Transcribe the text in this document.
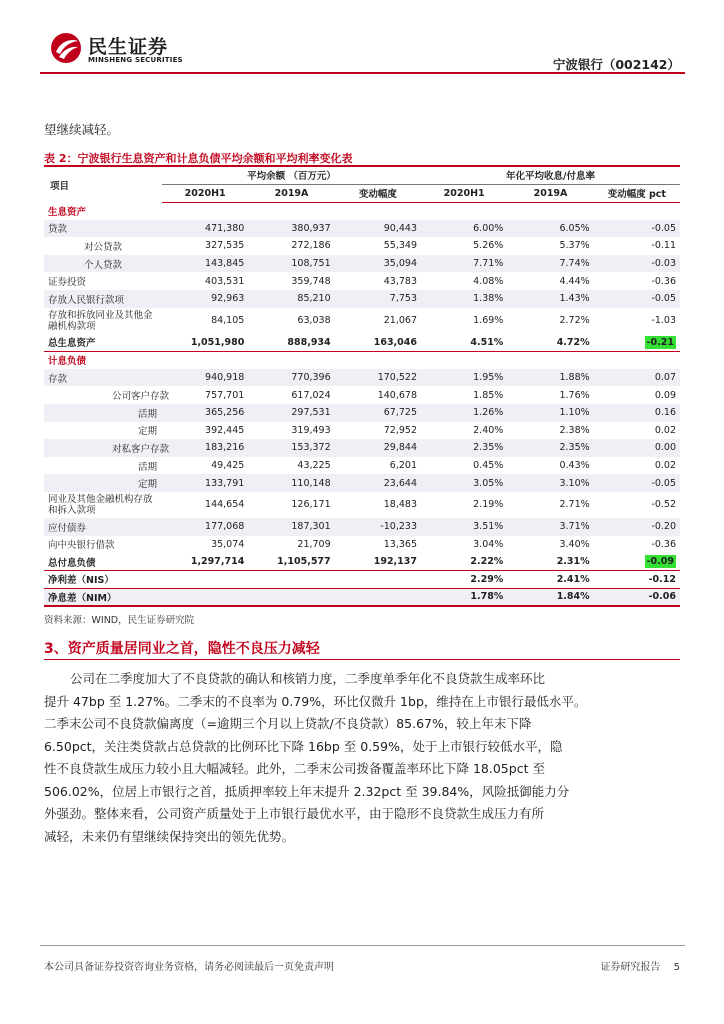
民生证券
MINSHENG SECURITIES	宁波银行（002142）
望继续减轻。
表 2：宁波银行生息资产和计息负债平均余额和平均利率变化表
项目	平均余额 （百万元）			年化平均收息/付息率		
	2020H1	2019A	变动幅度	2020H1	2019A	变动幅度 pct
生息资产						
贷款	471,380	380,937	90,443	6.00%	6.05%	-0.05
对公贷款	327,535	272,186	55,349	5.26%	5.37%	-0.11
个人贷款	143,845	108,751	35,094	7.71%	7.74%	-0.03
证券投资	403,531	359,748	43,783	4.08%	4.44%	-0.36
存放人民银行款项	92,963	85,210	7,753	1.38%	1.43%	-0.05
存放和拆放同业及其他金融机构款项	84,105	63,038	21,067	1.69%	2.72%	-1.03
总生息资产	1,051,980	888,934	163,046	4.51%	4.72%	-0.21
计息负债						
存款	940,918	770,396	170,522	1.95%	1.88%	0.07
公司客户存款	757,701	617,024	140,678	1.85%	1.76%	0.09
活期	365,256	297,531	67,725	1.26%	1.10%	0.16
定期	392,445	319,493	72,952	2.40%	2.38%	0.02
对私客户存款	183,216	153,372	29,844	2.35%	2.35%	0.00
活期	49,425	43,225	6,201	0.45%	0.43%	0.02
定期	133,791	110,148	23,644	3.05%	3.10%	-0.05
同业及其他金融机构存放和拆入款项	144,654	126,171	18,483	2.19%	2.71%	-0.52
应付债券	177,068	187,301	-10,233	3.51%	3.71%	-0.20
向中央银行借款	35,074	21,709	13,365	3.04%	3.40%	-0.36
总付息负债	1,297,714	1,105,577	192,137	2.22%	2.31%	-0.09
净利差（NIS）				2.29%	2.41%	-0.12
净息差（NIM）				1.78%	1.84%	-0.06
资料来源：WIND，民生证券研究院
3、资产质量居同业之首，隐性不良压力减轻
公司在二季度加大了不良贷款的确认和核销力度，二季度单季年化不良贷款生成率环比
提升 47bp 至 1.27%。二季末的不良率为 0.79%，环比仅微升 1bp，维持在上市银行最低水平。
二季末公司不良贷款偏离度（=逾期三个月以上贷款/不良贷款）85.67%，较上年末下降
6.50pct，关注类贷款占总贷款的比例环比下降 16bp 至 0.59%，处于上市银行较低水平，隐
性不良贷款生成压力较小且大幅减轻。此外，二季末公司拨备覆盖率环比下降 18.05pct 至
506.02%，位居上市银行之首，抵质押率较上年末提升 2.32pct 至 39.84%，风险抵御能力分
外强劲。整体来看，公司资产质量处于上市银行最优水平，由于隐形不良贷款生成压力有所
减轻，未来仍有望继续保持突出的领先优势。
本公司具备证券投资咨询业务资格，请务必阅读最后一页免责声明	证券研究报告 5
